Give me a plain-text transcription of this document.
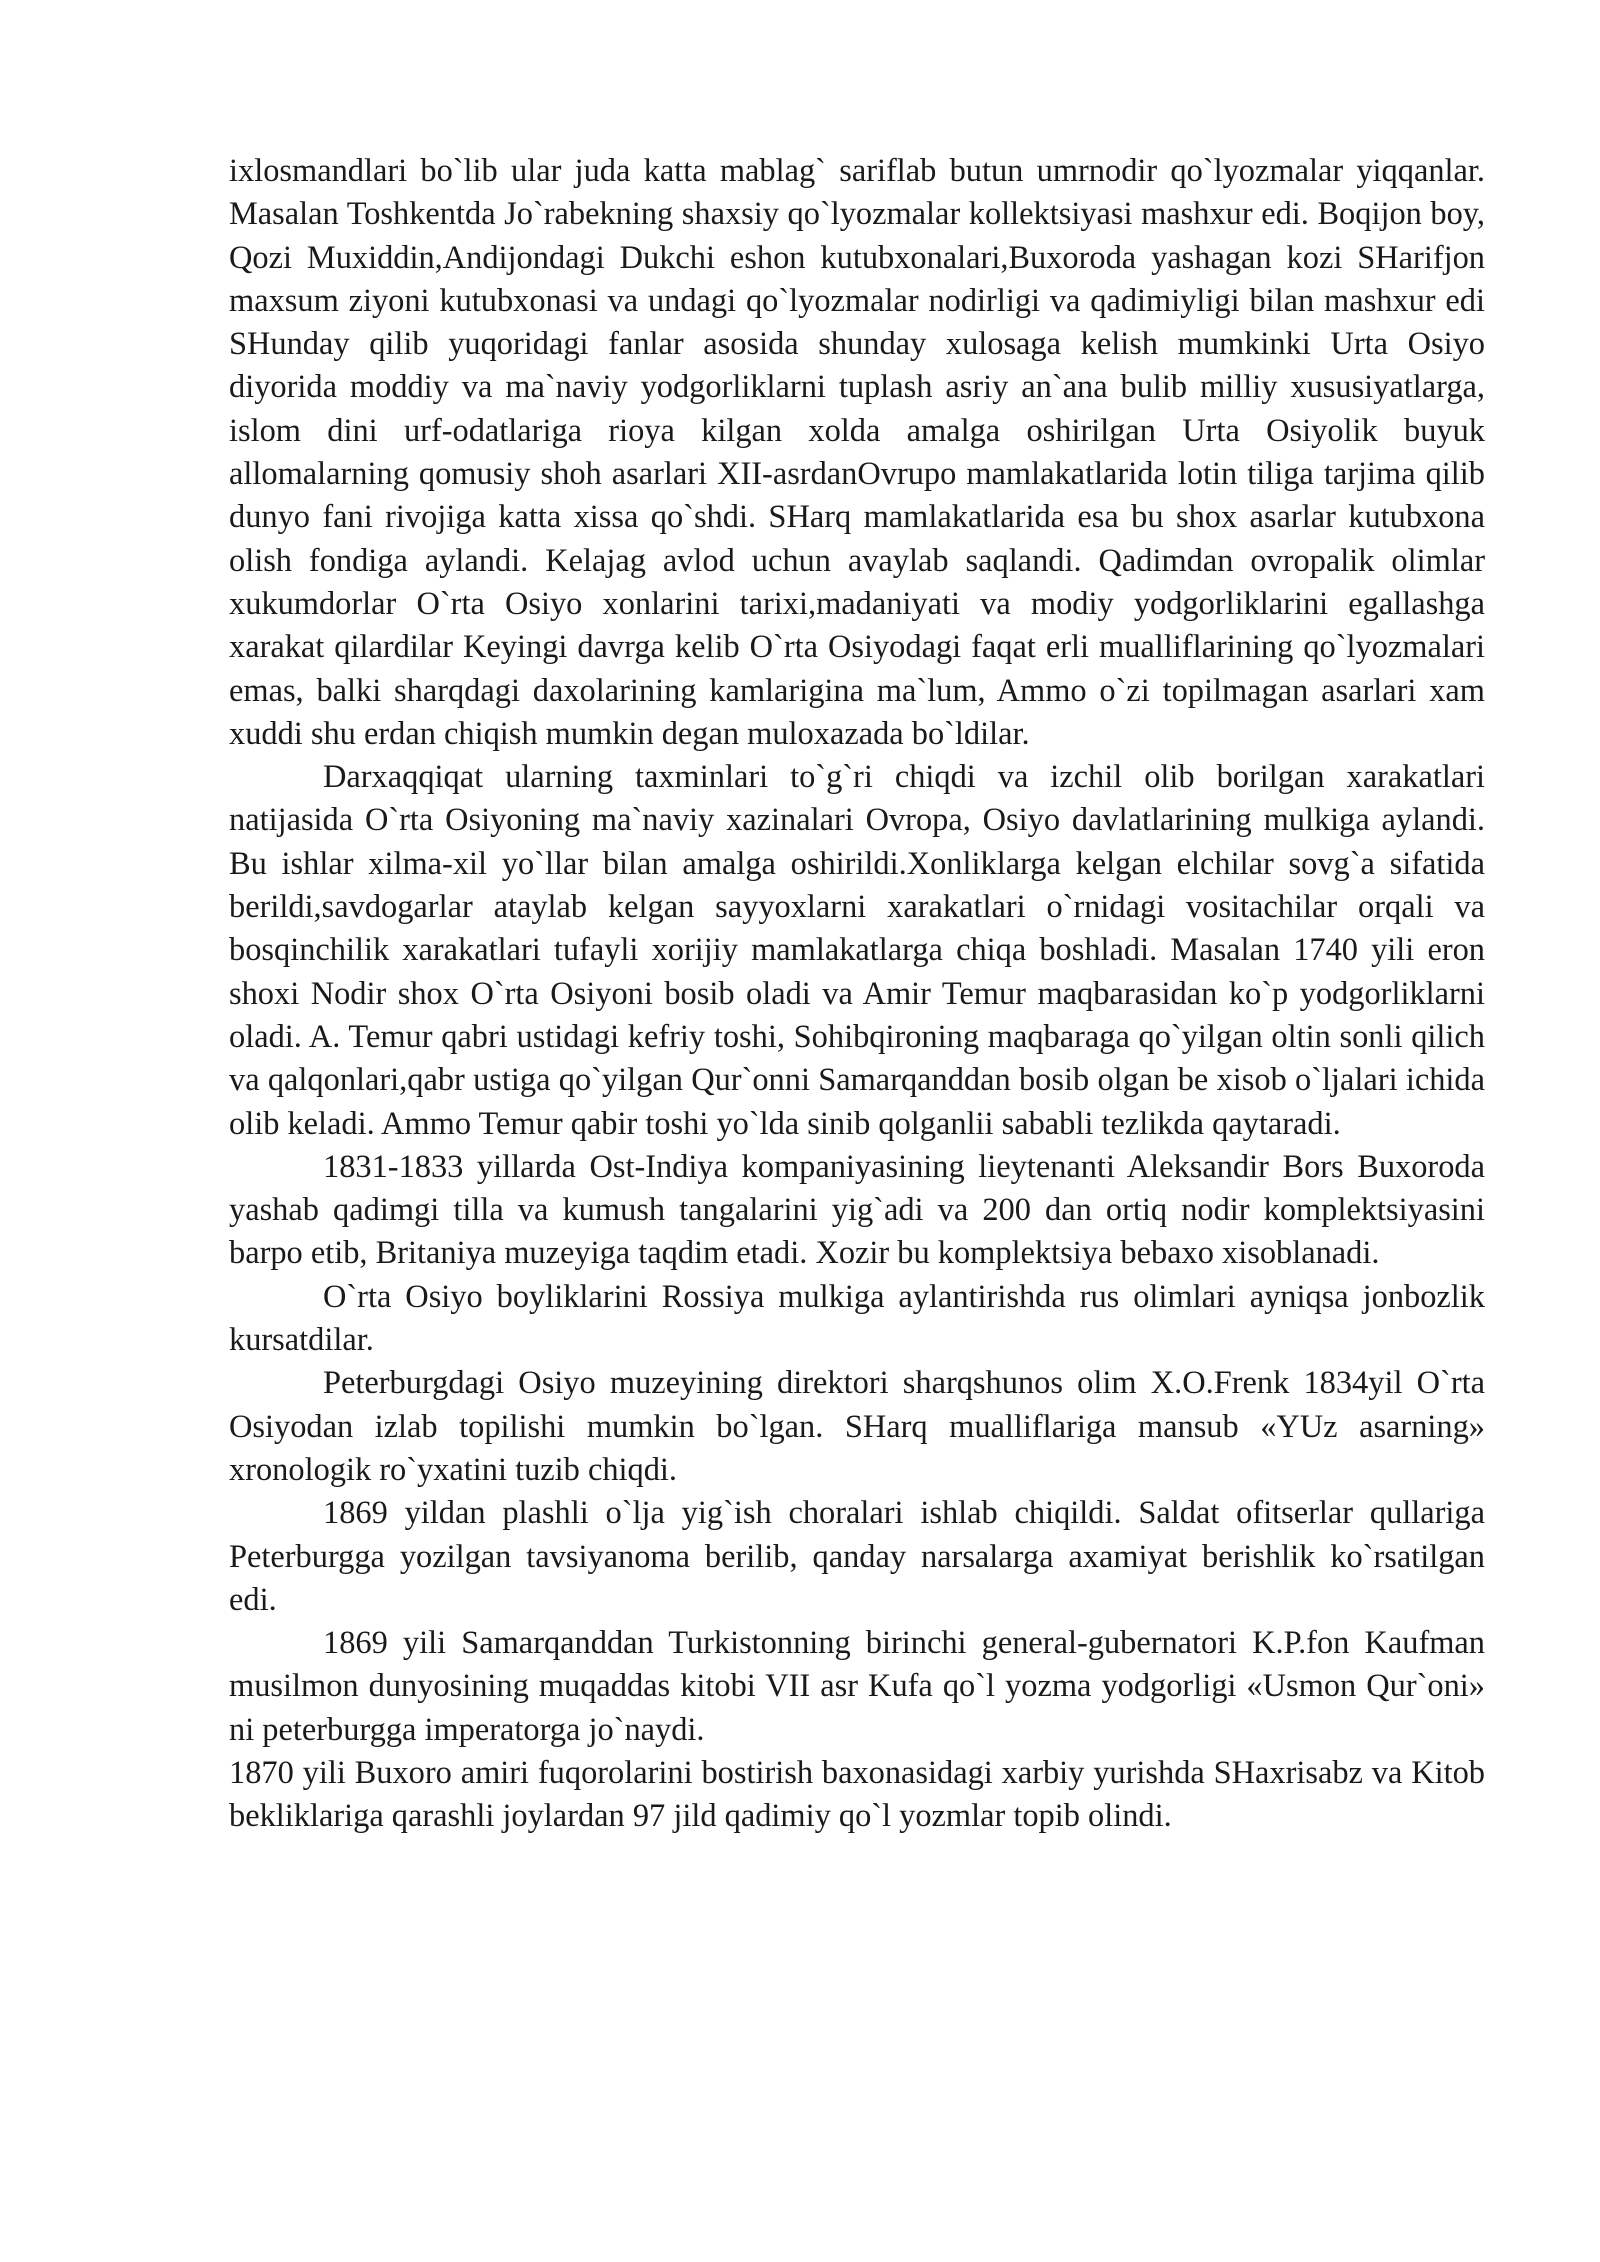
ixlosmandlari bo`lib ular juda katta mablag` sariflab butun umrnodir qo`lyozmalar yiqqanlar. Masalan Toshkentda Jo`rabekning shaxsiy qo`lyozmalar kollektsiyasi mashxur edi. Boqijon boy, Qozi Muxiddin,Andijondagi Dukchi eshon kutubxonalari,Buxoroda yashagan kozi SHarifjon maxsum ziyoni kutubxonasi va undagi qo`lyozmalar nodirligi va qadimiyligi bilan mashxur edi SHunday qilib yuqoridagi fanlar asosida shunday xulosaga kelish mumkinki Urta Osiyo diyorida moddiy va ma`naviy yodgorliklarni tuplash asriy an`ana bulib milliy xususiyatlarga, islom dini urf-odatlariga rioya kilgan xolda amalga oshirilgan Urta Osiyolik buyuk allomalarning qomusiy shoh asarlari XII-asrdanOvrupo mamlakatlarida lotin tiliga tarjima qilib dunyo fani rivojiga katta xissa qo`shdi. SHarq mamlakatlarida esa bu shox asarlar kutubxona olish fondiga aylandi. Kelajag avlod uchun avaylab saqlandi. Qadimdan ovropalik olimlar xukumdorlar O`rta Osiyo xonlarini tarixi,madaniyati va modiy yodgorliklarini egallashga xarakat qilardilar Keyingi davrga kelib O`rta Osiyodagi faqat erli mualliflarining qo`lyozmalari emas, balki sharqdagi daxolarining kamlarigina ma`lum, Ammo o`zi topilmagan asarlari xam xuddi shu erdan chiqish mumkin degan muloxazada bo`ldilar.

Darxaqqiqat ularning taxminlari to`g`ri chiqdi va izchil olib borilgan xarakatlari natijasida O`rta Osiyoning ma`naviy xazinalari Ovropa, Osiyo davlatlarining mulkiga aylandi. Bu ishlar xilma-xil yo`llar bilan amalga oshirildi.Xonliklarga kelgan elchilar sovg`a sifatida berildi,savdogarlar ataylab kelgan sayyoxlarni xarakatlari o`rnidagi vositachilar orqali va bosqinchilik xarakatlari tufayli xorijiy mamlakatlarga chiqa boshladi. Masalan 1740 yili eron shoxi Nodir shox O`rta Osiyoni bosib oladi va Amir Temur maqbarasidan ko`p yodgorliklarni oladi. A. Temur qabri ustidagi kefriy toshi, Sohibqironing maqbaraga qo`yilgan oltin sonli qilich va qalqonlari,qabr ustiga qo`yilgan Qur`onni Samarqanddan bosib olgan be xisob o`ljalari ichida olib keladi. Ammo Temur qabir toshi yo`lda sinib qolganlii sababli tezlikda qaytaradi.

1831-1833 yillarda Ost-Indiya kompaniyasining lieytenanti Aleksandir Bors Buxoroda yashab qadimgi tilla va kumush tangalarini yig`adi va 200 dan ortiq nodir komplektsiyasini barpo etib, Britaniya muzeyiga taqdim etadi. Xozir bu komplektsiya bebaxo xisoblanadi.

O`rta Osiyo boyliklarini Rossiya mulkiga aylantirishda rus olimlari ayniqsa jonbozlik kursatdilar.

Peterburgdagi Osiyo muzeyining direktori sharqshunos olim X.O.Frenk 1834yil O`rta Osiyodan izlab topilishi mumkin bo`lgan. SHarq mualliflariga mansub «YUz asarning» xronologik ro`yxatini tuzib chiqdi.

1869 yildan plashli o`lja yig`ish choralari ishlab chiqildi. Saldat ofitserlar qullariga Peterburgga yozilgan tavsiyanoma berilib, qanday narsalarga axamiyat berishlik ko`rsatilgan edi.

1869 yili Samarqanddan Turkistonning birinchi general-gubernatori K.P.fon Kaufman musilmon dunyosining muqaddas kitobi VII asr Kufa qo`l yozma yodgorligi «Usmon Qur`oni» ni peterburgga imperatorga jo`naydi.

1870 yili Buxoro amiri fuqorolarini bostirish baxonasidagi xarbiy yurishda SHaxrisabz va Kitob bekliklariga qarashli joylardan 97 jild qadimiy qo`l yozmlar topib olindi.
